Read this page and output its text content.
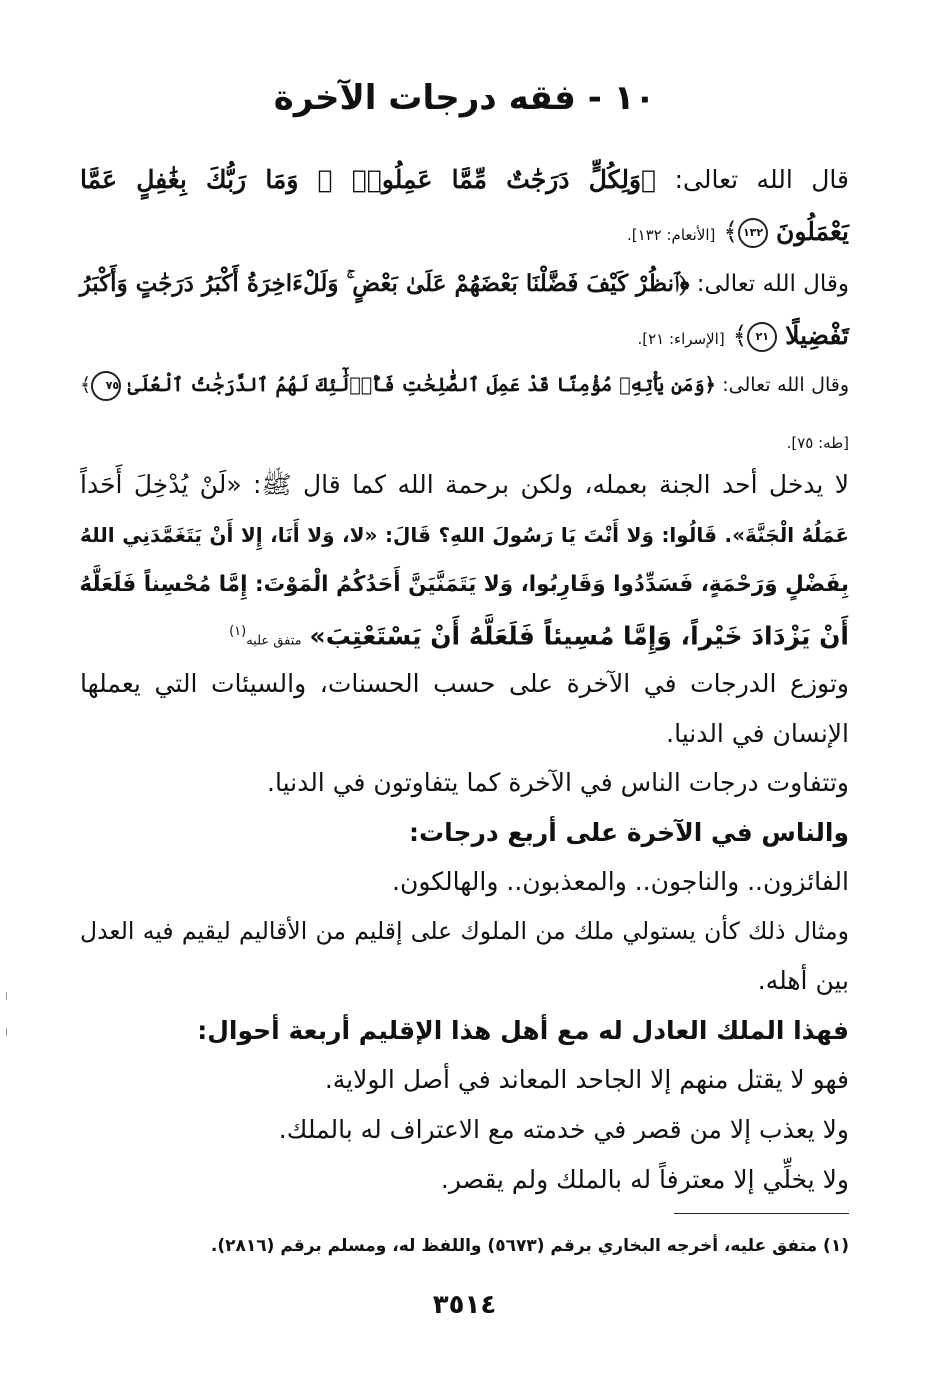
١٠ - فقه درجات الآخرة
قال الله تعالى: ﴿وَلِكُلٍّ دَرَجَٰتٌ مِّمَّا عَمِلُوا۟ ۚ وَمَا رَبُّكَ بِغَٰفِلٍ عَمَّا
يَعْمَلُونَ ١٣٢﴾ [الأنعام: ١٣٢].
وقال الله تعالى: ﴿ٱنظُرْ كَيْفَ فَضَّلْنَا بَعْضَهُمْ عَلَىٰ بَعْضٍ ۚ وَلَلْءَاخِرَةُ أَكْبَرُ دَرَجَٰتٍ وَأَكْبَرُ
تَفْضِيلًا ٢١﴾ [الإسراء: ٢١].
وقال الله تعالى: ﴿وَمَن يَأْتِهِۦ مُؤْمِنًا قَدْ عَمِلَ ٱلصَّٰلِحَٰتِ فَأُو۟لَٰٓئِكَ لَهُمُ ٱلدَّرَجَٰتُ ٱلْعُلَىٰ ٧٥﴾
[طه: ٧٥].
لا يدخل أحد الجنة بعمله، ولكن برحمة الله كما قال ﷺ: «لَنْ يُدْخِلَ أَحَداً
عَمَلُهُ الْجَنَّةَ». قَالُوا: وَلا أَنْتَ يَا رَسُولَ اللهِ؟ قَالَ: «لا، وَلا أَنَا، إِلا أَنْ يَتَغَمَّدَنِي اللهُ
بِفَضْلٍ وَرَحْمَةٍ، فَسَدِّدُوا وَقَارِبُوا، وَلا يَتَمَنَّيَنَّ أَحَدُكُمُ الْمَوْتَ: إِمَّا مُحْسِناً فَلَعَلَّهُ
أَنْ يَزْدَادَ خَيْراً، وَإِمَّا مُسِيئاً فَلَعَلَّهُ أَنْ يَسْتَعْتِبَ» متفق عليه$^{(١)}$
وتوزع الدرجات في الآخرة على حسب الحسنات، والسيئات التي يعملها
الإنسان في الدنيا.
وتتفاوت درجات الناس في الآخرة كما يتفاوتون في الدنيا.
والناس في الآخرة على أربع درجات:
الفائزون.. والناجون.. والمعذبون.. والهالكون.
ومثال ذلك كأن يستولي ملك من الملوك على إقليم من الأقاليم ليقيم فيه العدل
بين أهله.
فهذا الملك العادل له مع أهل هذا الإقليم أربعة أحوال:
فهو لا يقتل منهم إلا الجاحد المعاند في أصل الولاية.
ولا يعذب إلا من قصر في خدمته مع الاعتراف له بالملك.
ولا يخلِّي إلا معترفاً له بالملك ولم يقصر.
(١) متفق عليه، أخرجه البخاري برقم (٥٦٧٣) واللفظ له، ومسلم برقم (٢٨١٦).
٣٥١٤
